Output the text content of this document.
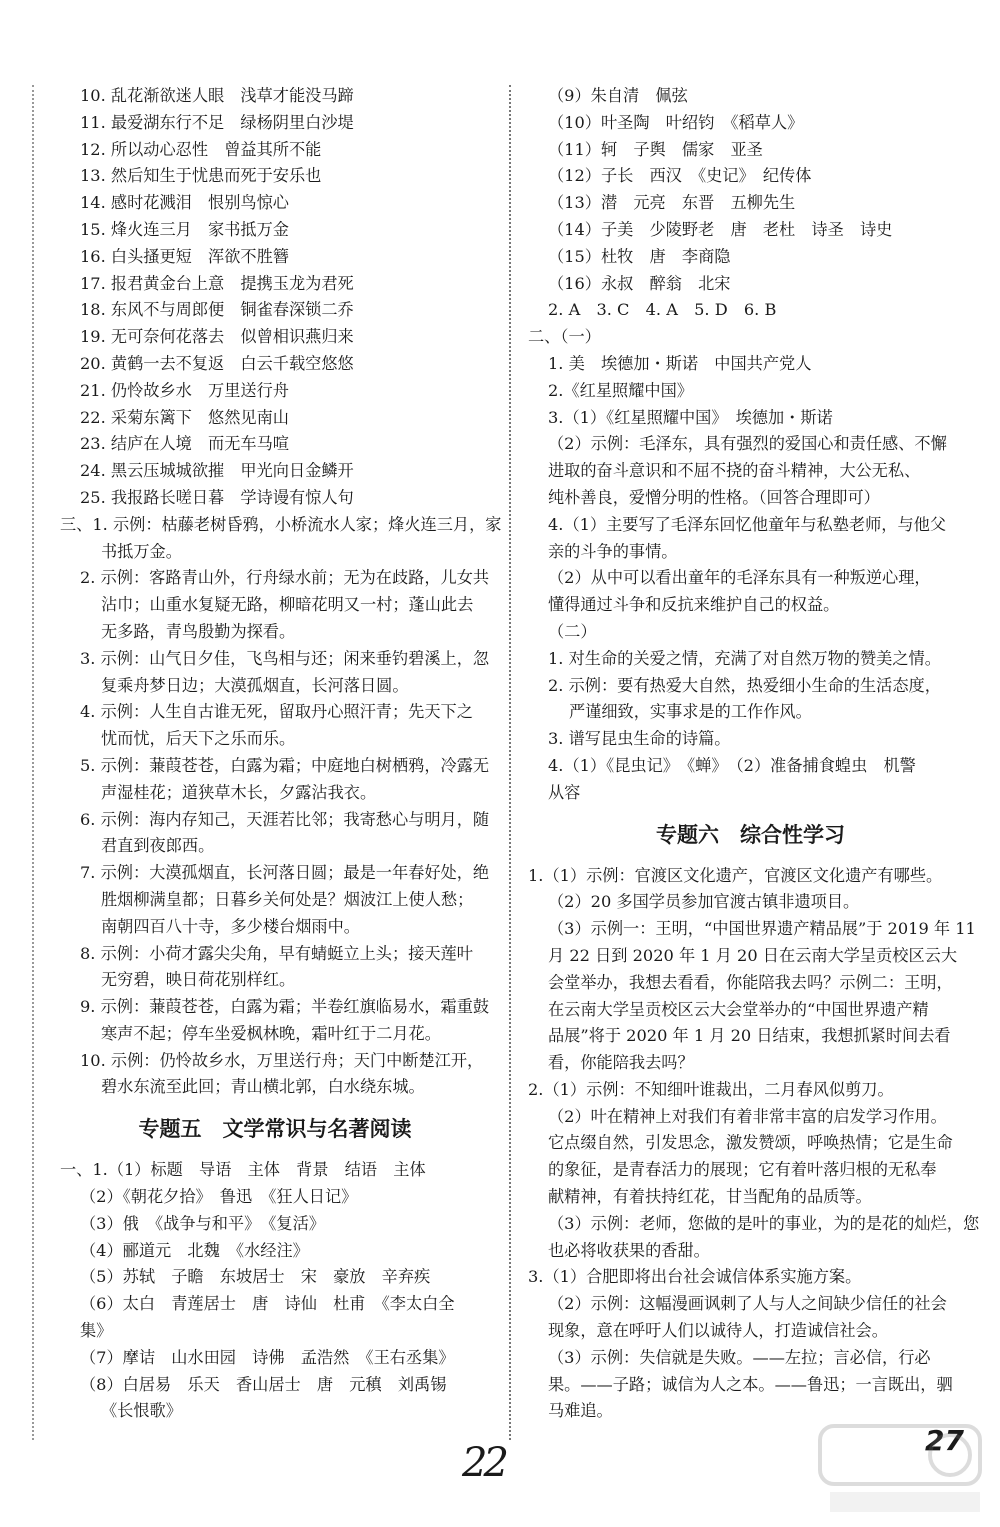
10. 乱花渐欲迷人眼　浅草才能没马蹄
11. 最爱湖东行不足　绿杨阴里白沙堤
12. 所以动心忍性　曾益其所不能
13. 然后知生于忧患而死于安乐也
14. 感时花溅泪　恨别鸟惊心
15. 烽火连三月　家书抵万金
16. 白头搔更短　浑欲不胜簪
17. 报君黄金台上意　提携玉龙为君死
18. 东风不与周郎便　铜雀春深锁二乔
19. 无可奈何花落去　似曾相识燕归来
20. 黄鹤一去不复返　白云千载空悠悠
21. 仍怜故乡水　万里送行舟
22. 采菊东篱下　悠然见南山
23. 结庐在人境　而无车马喧
24. 黑云压城城欲摧　甲光向日金鳞开
25. 我报路长嗟日暮　学诗谩有惊人句
三、1. 示例：枯藤老树昏鸦，小桥流水人家；烽火连三月，家
书抵万金。
2. 示例：客路青山外，行舟绿水前；无为在歧路，儿女共
沾巾；山重水复疑无路，柳暗花明又一村；蓬山此去
无多路，青鸟殷勤为探看。
3. 示例：山气日夕佳，飞鸟相与还；闲来垂钓碧溪上，忽
复乘舟梦日边；大漠孤烟直，长河落日圆。
4. 示例：人生自古谁无死，留取丹心照汗青；先天下之
忧而忧，后天下之乐而乐。
5. 示例：蒹葭苍苍，白露为霜；中庭地白树栖鸦，冷露无
声湿桂花；道狭草木长，夕露沾我衣。
6. 示例：海内存知己，天涯若比邻；我寄愁心与明月，随
君直到夜郎西。
7. 示例：大漠孤烟直，长河落日圆；最是一年春好处，绝
胜烟柳满皇都；日暮乡关何处是？烟波江上使人愁；
南朝四百八十寺，多少楼台烟雨中。
8. 示例：小荷才露尖尖角，早有蜻蜓立上头；接天莲叶
无穷碧，映日荷花别样红。
9. 示例：蒹葭苍苍，白露为霜；半卷红旗临易水，霜重鼓
寒声不起；停车坐爱枫林晚，霜叶红于二月花。
10. 示例：仍怜故乡水，万里送行舟；天门中断楚江开，
碧水东流至此回；青山横北郭，白水绕东城。
专题五　文学常识与名著阅读
一、1.（1）标题　导语　主体　背景　结语　主体
（2）《朝花夕拾》　鲁迅　《狂人日记》
（3）俄　《战争与和平》　《复活》
（4）郦道元　北魏　《水经注》
（5）苏轼　子瞻　东坡居士　宋　豪放　辛弃疾
（6）太白　青莲居士　唐　诗仙　杜甫　《李太白全
集》
（7）摩诘　山水田园　诗佛　孟浩然　《王右丞集》
（8）白居易　乐天　香山居士　唐　元稹　刘禹锡
《长恨歌》
（9）朱自清　佩弦
（10）叶圣陶　叶绍钧　《稻草人》
（11）轲　子舆　儒家　亚圣
（12）子长　西汉　《史记》　纪传体
（13）潜　元亮　东晋　五柳先生
（14）子美　少陵野老　唐　老杜　诗圣　诗史
（15）杜牧　唐　李商隐
（16）永叔　醉翁　北宋
2. A　3. C　4. A　5. D　6. B
二、（一）
1. 美　埃德加・斯诺　中国共产党人
2.《红星照耀中国》
3.（1）《红星照耀中国》　埃德加・斯诺
（2）示例：毛泽东，具有强烈的爱国心和责任感、不懈
进取的奋斗意识和不屈不挠的奋斗精神，大公无私、
纯朴善良，爱憎分明的性格。（回答合理即可）
4.（1）主要写了毛泽东回忆他童年与私塾老师，与他父
亲的斗争的事情。
（2）从中可以看出童年的毛泽东具有一种叛逆心理，
懂得通过斗争和反抗来维护自己的权益。
（二）
1. 对生命的关爱之情，充满了对自然万物的赞美之情。
2. 示例：要有热爱大自然，热爱细小生命的生活态度，
严谨细致，实事求是的工作作风。
3. 谱写昆虫生命的诗篇。
4.（1）《昆虫记》　《蝉》　（2）准备捕食蝗虫　机警
从容
专题六　综合性学习
1.（1）示例：官渡区文化遗产，官渡区文化遗产有哪些。
（2）20 多国学员参加官渡古镇非遗项目。
（3）示例一：王明，“中国世界遗产精品展”于 2019 年 11
月 22 日到 2020 年 1 月 20 日在云南大学呈贡校区云大
会堂举办，我想去看看，你能陪我去吗？示例二：王明，
在云南大学呈贡校区云大会堂举办的“中国世界遗产精
品展”将于 2020 年 1 月 20 日结束，我想抓紧时间去看
看，你能陪我去吗？
2.（1）示例：不知细叶谁裁出，二月春风似剪刀。
（2）叶在精神上对我们有着非常丰富的启发学习作用。
它点缀自然，引发思念，激发赞颂，呼唤热情；它是生命
的象征，是青春活力的展现；它有着叶落归根的无私奉
献精神，有着扶持红花，甘当配角的品质等。
（3）示例：老师，您做的是叶的事业，为的是花的灿烂，您
也必将收获果的香甜。
3.（1）合肥即将出台社会诚信体系实施方案。
（2）示例：这幅漫画讽刺了人与人之间缺少信任的社会
现象，意在呼吁人们以诚待人，打造诚信社会。
（3）示例：失信就是失败。——左拉；言必信，行必
果。——子路；诚信为人之本。——鲁迅；一言既出，驷
马难追。
27
22
